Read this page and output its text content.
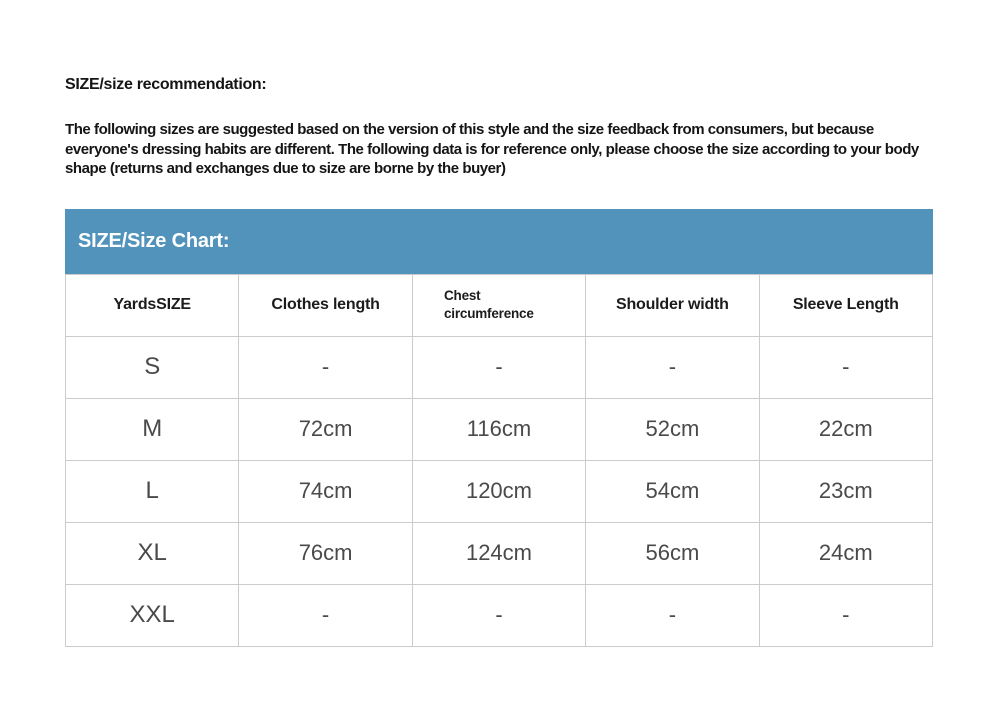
SIZE/size recommendation:
The following sizes are suggested based on the version of this style and the size feedback from consumers, but because everyone's dressing habits are different. The following data is for reference only, please choose the size according to your body shape (returns and exchanges due to size are borne by the buyer)
SIZE/Size Chart:
YardsSIZE	Clothes length	Chest circumference	Shoulder width	Sleeve Length
S	-	-	-	-
M	72cm	116cm	52cm	22cm
L	74cm	120cm	54cm	23cm
XL	76cm	124cm	56cm	24cm
XXL	-	-	-	-
